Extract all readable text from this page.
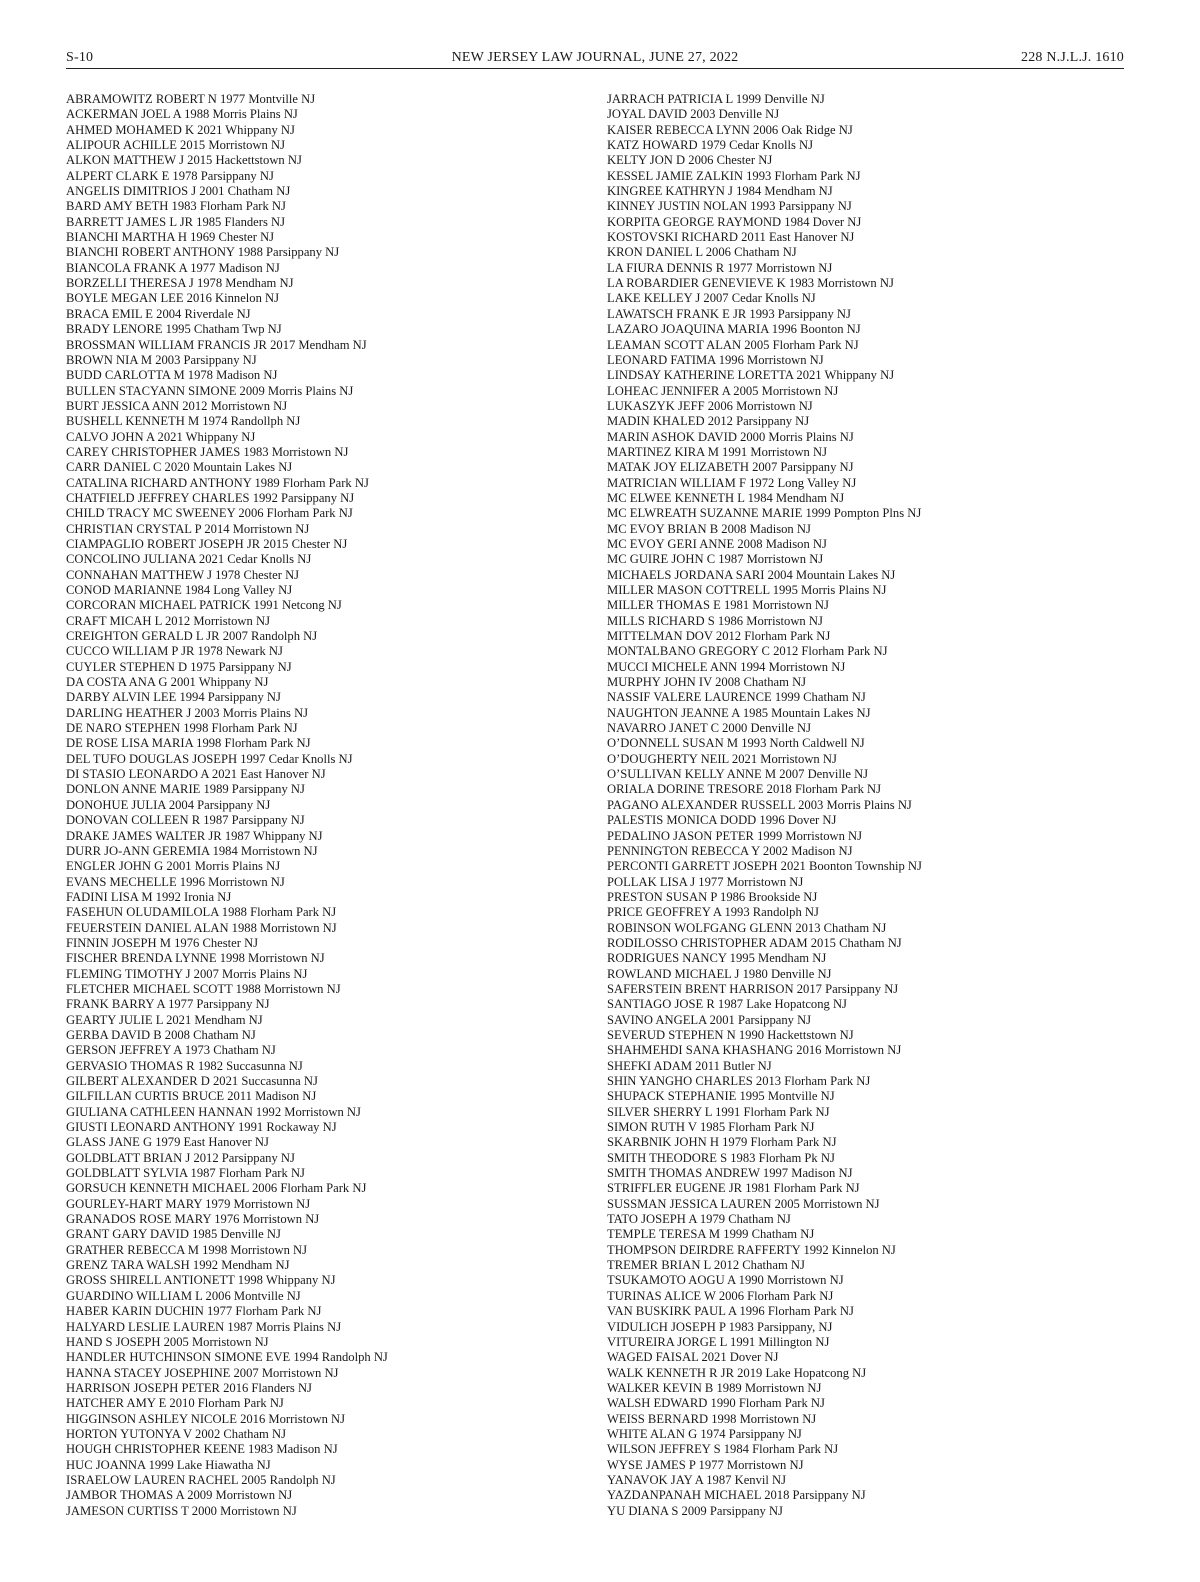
S-10	NEW JERSEY LAW JOURNAL, JUNE 27, 2022	228 N.J.L.J. 1610
ABRAMOWITZ ROBERT N 1977 Montville NJ
ACKERMAN JOEL A 1988 Morris Plains NJ
AHMED MOHAMED K 2021 Whippany NJ
ALIPOUR ACHILLE 2015 Morristown NJ
ALKON MATTHEW J 2015 Hackettstown NJ
ALPERT CLARK E 1978 Parsippany NJ
ANGELIS DIMITRIOS J 2001 Chatham NJ
BARD AMY BETH 1983 Florham Park NJ
BARRETT JAMES L JR 1985 Flanders NJ
BIANCHI MARTHA H 1969 Chester NJ
BIANCHI ROBERT ANTHONY 1988 Parsippany NJ
BIANCOLA FRANK A 1977 Madison NJ
BORZELLI THERESA J 1978 Mendham NJ
BOYLE MEGAN LEE 2016 Kinnelon NJ
BRACA EMIL E 2004 Riverdale NJ
BRADY LENORE 1995 Chatham Twp NJ
BROSSMAN WILLIAM FRANCIS JR 2017 Mendham NJ
BROWN NIA M 2003 Parsippany NJ
BUDD CARLOTTA M 1978 Madison NJ
BULLEN STACYANN SIMONE 2009 Morris Plains NJ
BURT JESSICA ANN 2012 Morristown NJ
BUSHELL KENNETH M 1974 Randollph NJ
CALVO JOHN A 2021 Whippany NJ
CAREY CHRISTOPHER JAMES 1983 Morristown NJ
CARR DANIEL C 2020 Mountain Lakes NJ
CATALINA RICHARD ANTHONY 1989 Florham Park NJ
CHATFIELD JEFFREY CHARLES 1992 Parsippany NJ
CHILD TRACY MC SWEENEY 2006 Florham Park NJ
CHRISTIAN CRYSTAL P 2014 Morristown NJ
CIAMPAGLIO ROBERT JOSEPH JR 2015 Chester NJ
CONCOLINO JULIANA 2021 Cedar Knolls NJ
CONNAHAN MATTHEW J 1978 Chester NJ
CONOD MARIANNE 1984 Long Valley NJ
CORCORAN MICHAEL PATRICK 1991 Netcong NJ
CRAFT MICAH L 2012 Morristown NJ
CREIGHTON GERALD L JR 2007 Randolph NJ
CUCCO WILLIAM P JR 1978 Newark NJ
CUYLER STEPHEN D 1975 Parsippany NJ
DA COSTA ANA G 2001 Whippany NJ
DARBY ALVIN LEE 1994 Parsippany NJ
DARLING HEATHER J 2003 Morris Plains NJ
DE NARO STEPHEN 1998 Florham Park NJ
DE ROSE LISA MARIA 1998 Florham Park NJ
DEL TUFO DOUGLAS JOSEPH 1997 Cedar Knolls NJ
DI STASIO LEONARDO A 2021 East Hanover NJ
DONLON ANNE MARIE 1989 Parsippany NJ
DONOHUE JULIA 2004 Parsippany NJ
DONOVAN COLLEEN R 1987 Parsippany NJ
DRAKE JAMES WALTER JR 1987 Whippany NJ
DURR JO-ANN GEREMIA 1984 Morristown NJ
ENGLER JOHN G 2001 Morris Plains NJ
EVANS MECHELLE 1996 Morristown NJ
FADINI LISA M 1992 Ironia NJ
FASEHUN OLUDAMILOLA 1988 Florham Park NJ
FEUERSTEIN DANIEL ALAN 1988 Morristown NJ
FINNIN JOSEPH M 1976 Chester NJ
FISCHER BRENDA LYNNE 1998 Morristown NJ
FLEMING TIMOTHY J 2007 Morris Plains NJ
FLETCHER MICHAEL SCOTT 1988 Morristown NJ
FRANK BARRY A 1977 Parsippany NJ
GEARTY JULIE L 2021 Mendham NJ
GERBA DAVID B 2008 Chatham NJ
GERSON JEFFREY A 1973 Chatham NJ
GERVASIO THOMAS R 1982 Succasunna NJ
GILBERT ALEXANDER D 2021 Succasunna NJ
GILFILLAN CURTIS BRUCE 2011 Madison NJ
GIULIANA CATHLEEN HANNAN 1992 Morristown NJ
GIUSTI LEONARD ANTHONY 1991 Rockaway NJ
GLASS JANE G 1979 East Hanover NJ
GOLDBLATT BRIAN J 2012 Parsippany NJ
GOLDBLATT SYLVIA 1987 Florham Park NJ
GORSUCH KENNETH MICHAEL 2006 Florham Park NJ
GOURLEY-HART MARY 1979 Morristown NJ
GRANADOS ROSE MARY 1976 Morristown NJ
GRANT GARY DAVID 1985 Denville NJ
GRATHER REBECCA M 1998 Morristown NJ
GRENZ TARA WALSH 1992 Mendham NJ
GROSS SHIRELL ANTIONETT 1998 Whippany NJ
GUARDINO WILLIAM L 2006 Montville NJ
HABER KARIN DUCHIN 1977 Florham Park NJ
HALYARD LESLIE LAUREN 1987 Morris Plains NJ
HAND S JOSEPH 2005 Morristown NJ
HANDLER HUTCHINSON SIMONE EVE 1994 Randolph NJ
HANNA STACEY JOSEPHINE 2007 Morristown NJ
HARRISON JOSEPH PETER 2016 Flanders NJ
HATCHER AMY E 2010 Florham Park NJ
HIGGINSON ASHLEY NICOLE 2016 Morristown NJ
HORTON YUTONYA V 2002 Chatham NJ
HOUGH CHRISTOPHER KEENE 1983 Madison NJ
HUC JOANNA 1999 Lake Hiawatha NJ
ISRAELOW LAUREN RACHEL 2005 Randolph NJ
JAMBOR THOMAS A 2009 Morristown NJ
JAMESON CURTISS T 2000 Morristown NJ
JARRACH PATRICIA L 1999 Denville NJ
JOYAL DAVID 2003 Denville NJ
KAISER REBECCA LYNN 2006 Oak Ridge NJ
KATZ HOWARD 1979 Cedar Knolls NJ
KELTY JON D 2006 Chester NJ
KESSEL JAMIE ZALKIN 1993 Florham Park NJ
KINGREE KATHRYN J 1984 Mendham NJ
KINNEY JUSTIN NOLAN 1993 Parsippany NJ
KORPITA GEORGE RAYMOND 1984 Dover NJ
KOSTOVSKI RICHARD 2011 East Hanover NJ
KRON DANIEL L 2006 Chatham NJ
LA FIURA DENNIS R 1977 Morristown NJ
LA ROBARDIER GENEVIEVE K 1983 Morristown NJ
LAKE KELLEY J 2007 Cedar Knolls NJ
LAWATSCH FRANK E JR 1993 Parsippany NJ
LAZARO JOAQUINA MARIA 1996 Boonton NJ
LEAMAN SCOTT ALAN 2005 Florham Park NJ
LEONARD FATIMA 1996 Morristown NJ
LINDSAY KATHERINE LORETTA 2021 Whippany NJ
LOHEAC JENNIFER A 2005 Morristown NJ
LUKASZYK JEFF 2006 Morristown NJ
MADIN KHALED 2012 Parsippany NJ
MARIN ASHOK DAVID 2000 Morris Plains NJ
MARTINEZ KIRA M 1991 Morristown NJ
MATAK JOY ELIZABETH 2007 Parsippany NJ
MATRICIAN WILLIAM F 1972 Long Valley NJ
MC ELWEE KENNETH L 1984 Mendham NJ
MC ELWREATH SUZANNE MARIE 1999 Pompton Plns NJ
MC EVOY BRIAN B 2008 Madison NJ
MC EVOY GERI ANNE 2008 Madison NJ
MC GUIRE JOHN C 1987 Morristown NJ
MICHAELS JORDANA SARI 2004 Mountain Lakes NJ
MILLER MASON COTTRELL 1995 Morris Plains NJ
MILLER THOMAS E 1981 Morristown NJ
MILLS RICHARD S 1986 Morristown NJ
MITTELMAN DOV 2012 Florham Park NJ
MONTALBANO GREGORY C 2012 Florham Park NJ
MUCCI MICHELE ANN 1994 Morristown NJ
MURPHY JOHN IV 2008 Chatham NJ
NASSIF VALERE LAURENCE 1999 Chatham NJ
NAUGHTON JEANNE A 1985 Mountain Lakes NJ
NAVARRO JANET C 2000 Denville NJ
O’DONNELL SUSAN M 1993 North Caldwell NJ
O’DOUGHERTY NEIL 2021 Morristown NJ
O’SULLIVAN KELLY ANNE M 2007 Denville NJ
ORIALA DORINE TRESORE 2018 Florham Park NJ
PAGANO ALEXANDER RUSSELL 2003 Morris Plains NJ
PALESTIS MONICA DODD 1996 Dover NJ
PEDALINO JASON PETER 1999 Morristown NJ
PENNINGTON REBECCA Y 2002 Madison NJ
PERCONTI GARRETT JOSEPH 2021 Boonton Township NJ
POLLAK LISA J 1977 Morristown NJ
PRESTON SUSAN P 1986 Brookside NJ
PRICE GEOFFREY A 1993 Randolph NJ
ROBINSON WOLFGANG GLENN 2013 Chatham NJ
RODILOSSO CHRISTOPHER ADAM 2015 Chatham NJ
RODRIGUES NANCY 1995 Mendham NJ
ROWLAND MICHAEL J 1980 Denville NJ
SAFERSTEIN BRENT HARRISON 2017 Parsippany NJ
SANTIAGO JOSE R 1987 Lake Hopatcong NJ
SAVINO ANGELA 2001 Parsippany NJ
SEVERUD STEPHEN N 1990 Hackettstown NJ
SHAHMEHDI SANA KHASHANG 2016 Morristown NJ
SHEFKI ADAM 2011 Butler NJ
SHIN YANGHO CHARLES 2013 Florham Park NJ
SHUPACK STEPHANIE 1995 Montville NJ
SILVER SHERRY L 1991 Florham Park NJ
SIMON RUTH V 1985 Florham Park NJ
SKARBNIK JOHN H 1979 Florham Park NJ
SMITH THEODORE S 1983 Florham Pk NJ
SMITH THOMAS ANDREW 1997 Madison NJ
STRIFFLER EUGENE JR 1981 Florham Park NJ
SUSSMAN JESSICA LAUREN 2005 Morristown NJ
TATO JOSEPH A 1979 Chatham NJ
TEMPLE TERESA M 1999 Chatham NJ
THOMPSON DEIRDRE RAFFERTY 1992 Kinnelon NJ
TREMER BRIAN L 2012 Chatham NJ
TSUKAMOTO AOGU A 1990 Morristown NJ
TURINAS ALICE W 2006 Florham Park NJ
VAN BUSKIRK PAUL A 1996 Florham Park NJ
VIDULICH JOSEPH P 1983 Parsippany, NJ
VITUREIRA JORGE L 1991 Millington NJ
WAGED FAISAL 2021 Dover NJ
WALK KENNETH R JR 2019 Lake Hopatcong NJ
WALKER KEVIN B 1989 Morristown NJ
WALSH EDWARD 1990 Florham Park NJ
WEISS BERNARD 1998 Morristown NJ
WHITE ALAN G 1974 Parsippany NJ
WILSON JEFFREY S 1984 Florham Park NJ
WYSE JAMES P 1977 Morristown NJ
YANAVOK JAY A 1987 Kenvil NJ
YAZDANPANAH MICHAEL 2018 Parsippany NJ
YU DIANA S 2009 Parsippany NJ
